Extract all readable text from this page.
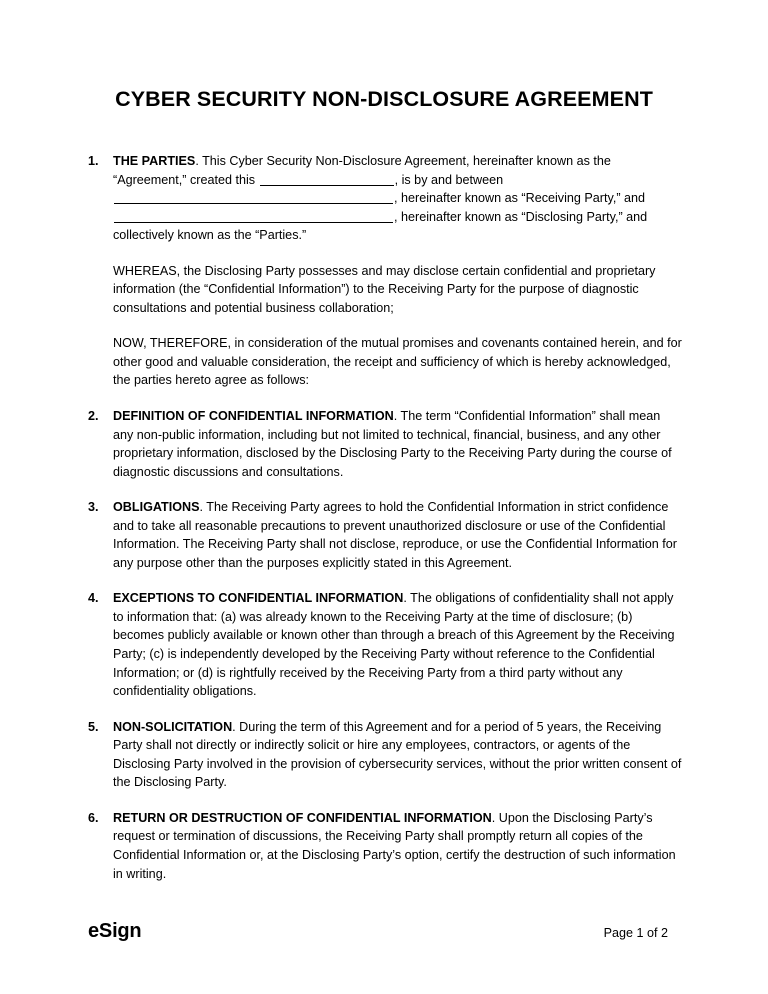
CYBER SECURITY NON-DISCLOSURE AGREEMENT
1. THE PARTIES. This Cyber Security Non-Disclosure Agreement, hereinafter known as the “Agreement,” created this	, is by and between
, hereinafter known as “Receiving Party,” and
, hereinafter known as “Disclosing Party,” and
collectively known as the “Parties.”

WHEREAS, the Disclosing Party possesses and may disclose certain confidential and proprietary information (the “Confidential Information”) to the Receiving Party for the purpose of diagnostic consultations and potential business collaboration;

NOW, THEREFORE, in consideration of the mutual promises and covenants contained herein, and for other good and valuable consideration, the receipt and sufficiency of which is hereby acknowledged, the parties hereto agree as follows:

2. DEFINITION OF CONFIDENTIAL INFORMATION. The term “Confidential Information” shall mean any non-public information, including but not limited to technical, financial, business, and any other proprietary information, disclosed by the Disclosing Party to the Receiving Party during the course of diagnostic discussions and consultations.

3. OBLIGATIONS. The Receiving Party agrees to hold the Confidential Information in strict confidence and to take all reasonable precautions to prevent unauthorized disclosure or use of the Confidential Information. The Receiving Party shall not disclose, reproduce, or use the Confidential Information for any purpose other than the purposes explicitly stated in this Agreement.

4. EXCEPTIONS TO CONFIDENTIAL INFORMATION. The obligations of confidentiality shall not apply to information that: (a) was already known to the Receiving Party at the time of disclosure; (b) becomes publicly available or known other than through a breach of this Agreement by the Receiving Party; (c) is independently developed by the Receiving Party without reference to the Confidential Information; or (d) is rightfully received by the Receiving Party from a third party without any confidentiality obligations.

5. NON-SOLICITATION. During the term of this Agreement and for a period of 5 years, the Receiving Party shall not directly or indirectly solicit or hire any employees, contractors, or agents of the Disclosing Party involved in the provision of cybersecurity services, without the prior written consent of the Disclosing Party.

6. RETURN OR DESTRUCTION OF CONFIDENTIAL INFORMATION. Upon the Disclosing Party’s request or termination of discussions, the Receiving Party shall promptly return all copies of the Confidential Information or, at the Disclosing Party’s option, certify the destruction of such information in writing.

eSign	Page 1 of 2
